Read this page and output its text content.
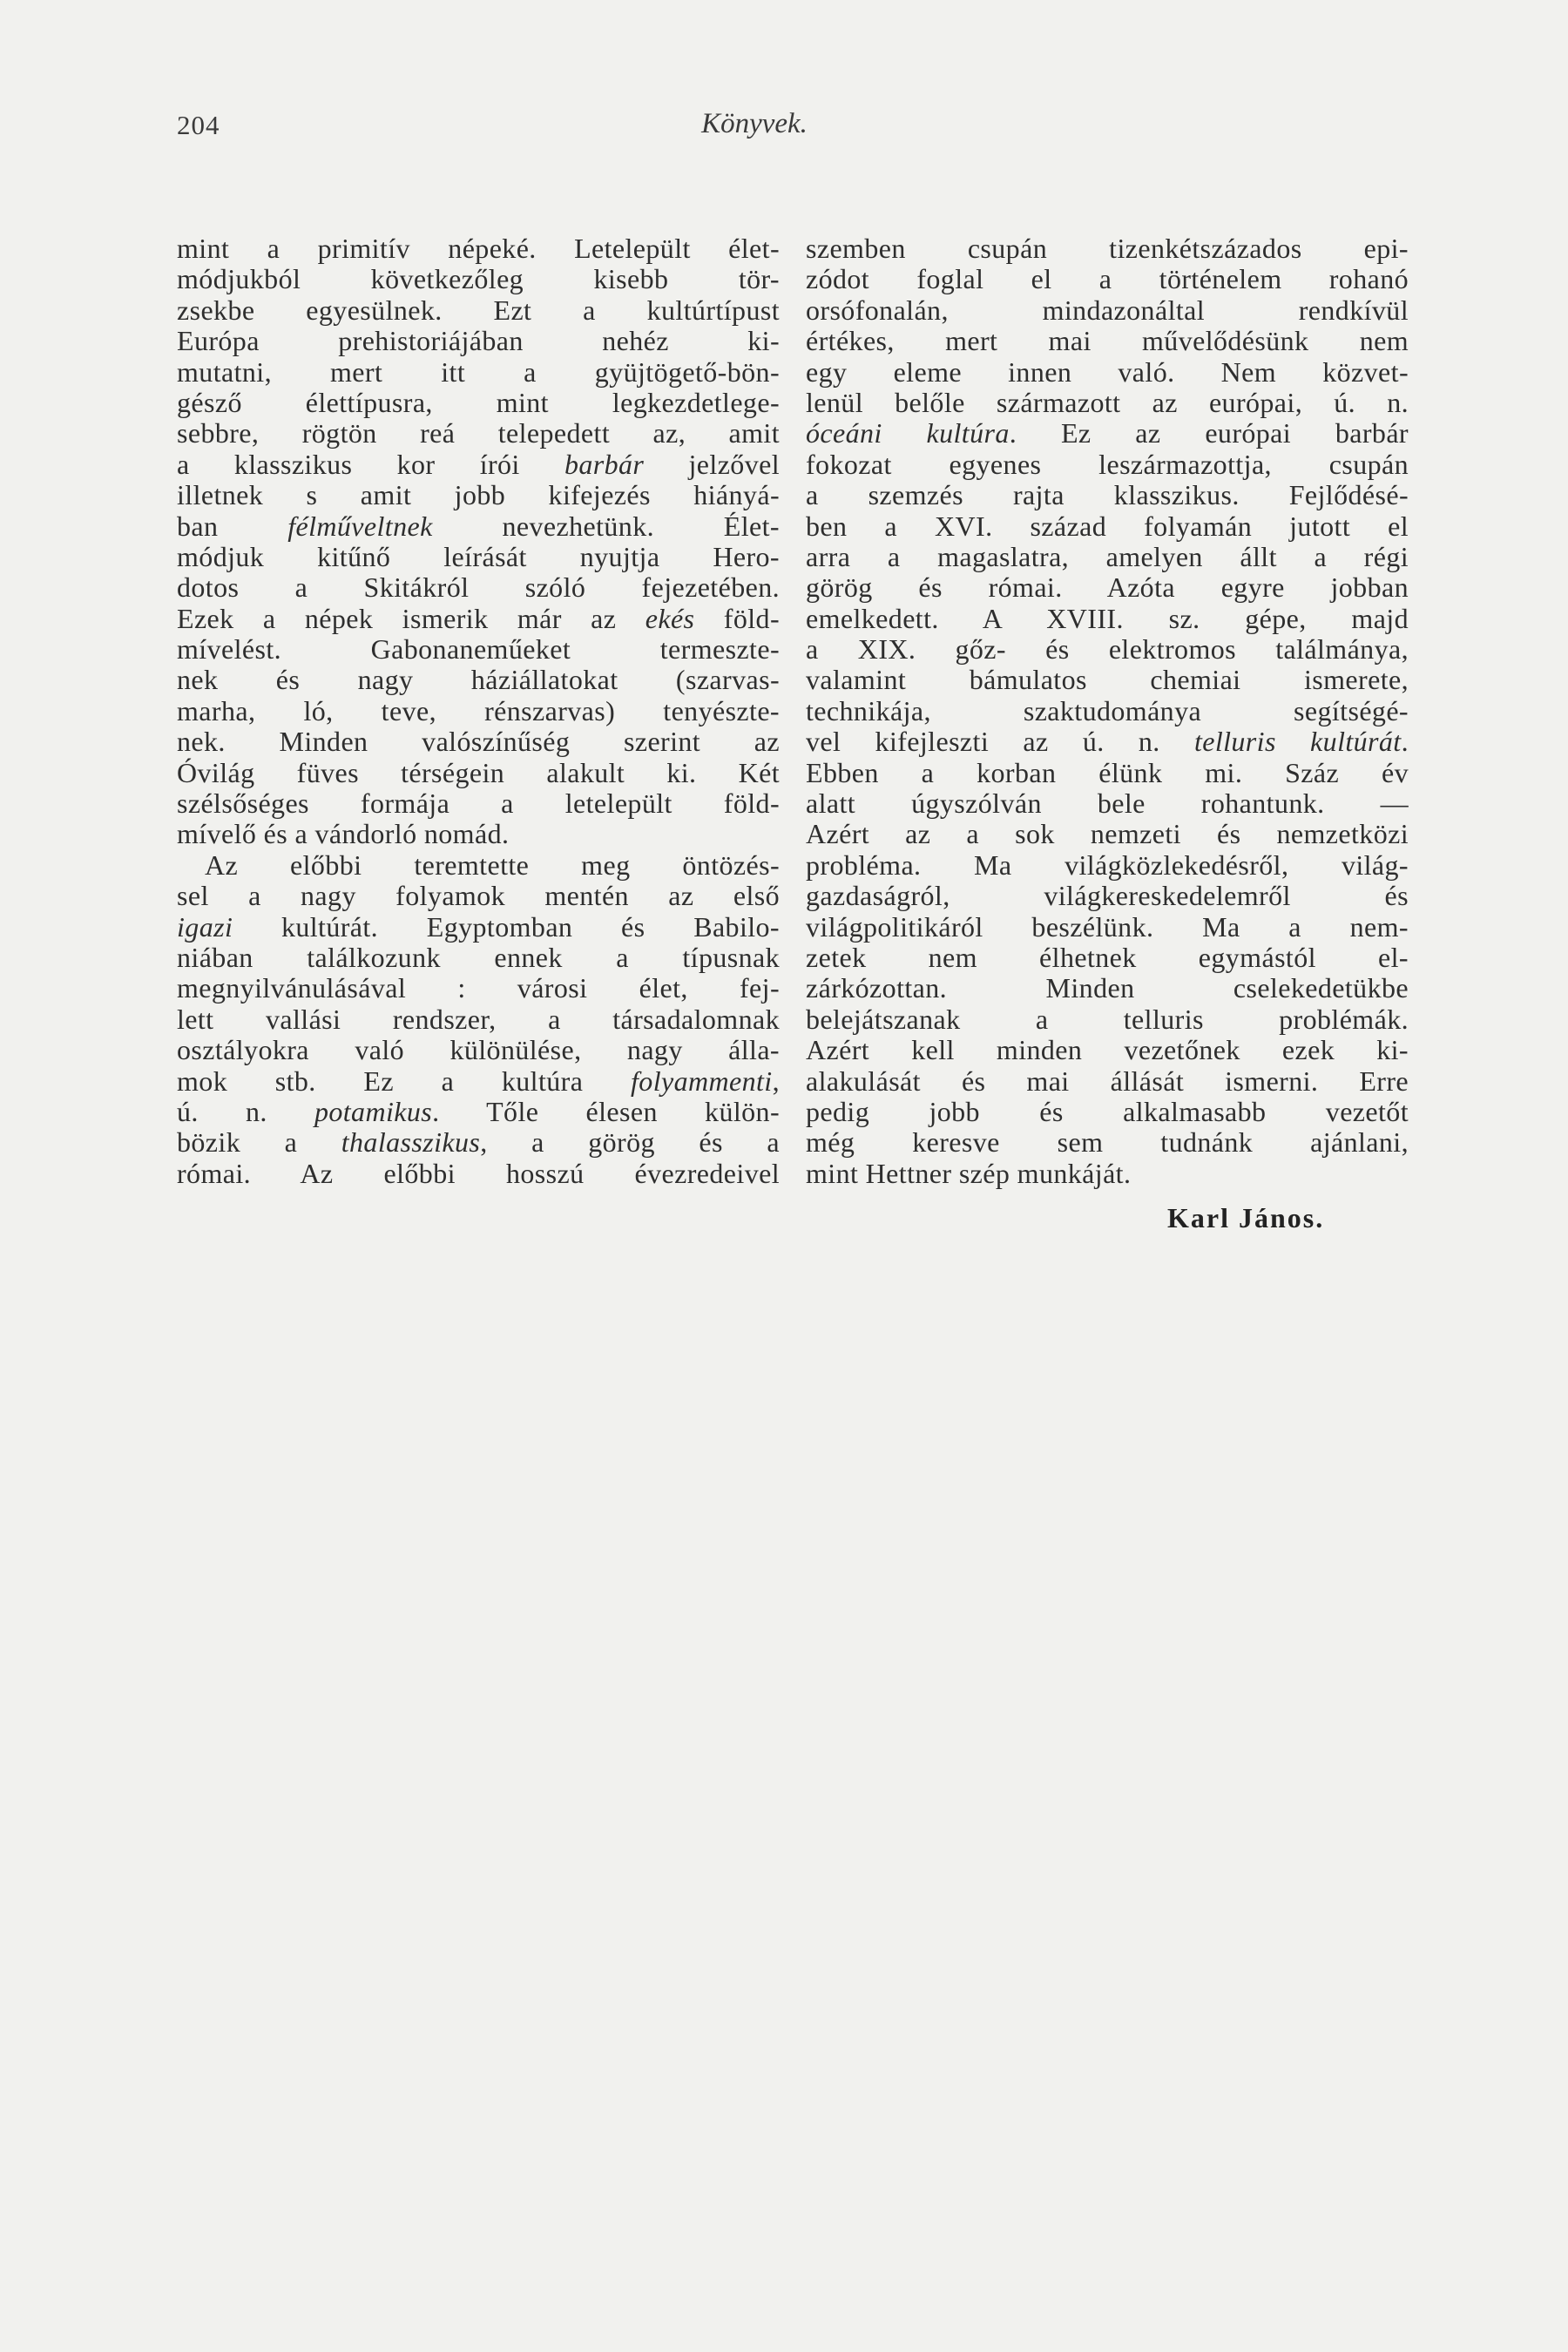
204	Könyvek.
mint a primitív népeké. Letelepült élet-
módjukból következőleg kisebb tör-
zsekbe egyesülnek. Ezt a kultúrtípust
Európa prehistoriájában nehéz ki-
mutatni, mert itt a gyüjtögető-bön-
gésző élettípusra, mint legkezdetlege-
sebbre, rögtön reá telepedett az, amit
a klasszikus kor írói barbár jelzővel
illetnek s amit jobb kifejezés hiányá-
ban félműveltnek nevezhetünk. Élet-
módjuk kitűnő leírását nyujtja Hero-
dotos a Skitákról szóló fejezetében.
Ezek a népek ismerik már az ekés föld-
mívelést. Gabonaneműeket termeszte-
nek és nagy háziállatokat (szarvas-
marha, ló, teve, rénszarvas) tenyészte-
nek. Minden valószínűség szerint az
Óvilág füves térségein alakult ki. Két
szélsőséges formája a letelepült föld-
mívelő és a vándorló nomád.
Az előbbi teremtette meg öntözés-
sel a nagy folyamok mentén az első
igazi kultúrát. Egyptomban és Babilo-
niában találkozunk ennek a típusnak
megnyilvánulásával : városi élet, fej-
lett vallási rendszer, a társadalomnak
osztályokra való különülése, nagy álla-
mok stb. Ez a kultúra folyammenti,
ú. n. potamikus. Tőle élesen külön-
bözik a thalasszikus, a görög és a
római. Az előbbi hosszú évezredeivel
szemben csupán tizenkétszázados epi-
zódot foglal el a történelem rohanó
orsófonalán, mindazonáltal rendkívül
értékes, mert mai művelődésünk nem
egy eleme innen való. Nem közvet-
lenül belőle származott az európai, ú. n.
óceáni kultúra. Ez az európai barbár
fokozat egyenes leszármazottja, csupán
a szemzés rajta klasszikus. Fejlődésé-
ben a XVI. század folyamán jutott el
arra a magaslatra, amelyen állt a régi
görög és római. Azóta egyre jobban
emelkedett. A XVIII. sz. gépe, majd
a XIX. gőz- és elektromos találmánya,
valamint bámulatos chemiai ismerete,
technikája, szaktudománya segítségé-
vel kifejleszti az ú. n. telluris kultúrát.
Ebben a korban élünk mi. Száz év
alatt úgyszólván bele rohantunk. —
Azért az a sok nemzeti és nemzetközi
probléma. Ma világközlekedésről, világ-
gazdaságról, világkereskedelemről és
világpolitikáról beszélünk. Ma a nem-
zetek nem élhetnek egymástól el-
zárkózottan. Minden cselekedetükbe
belejátszanak a telluris problémák.
Azért kell minden vezetőnek ezek ki-
alakulását és mai állását ismerni. Erre
pedig jobb és alkalmasabb vezetőt
még keresve sem tudnánk ajánlani,
mint Hettner szép munkáját.
Karl János.
